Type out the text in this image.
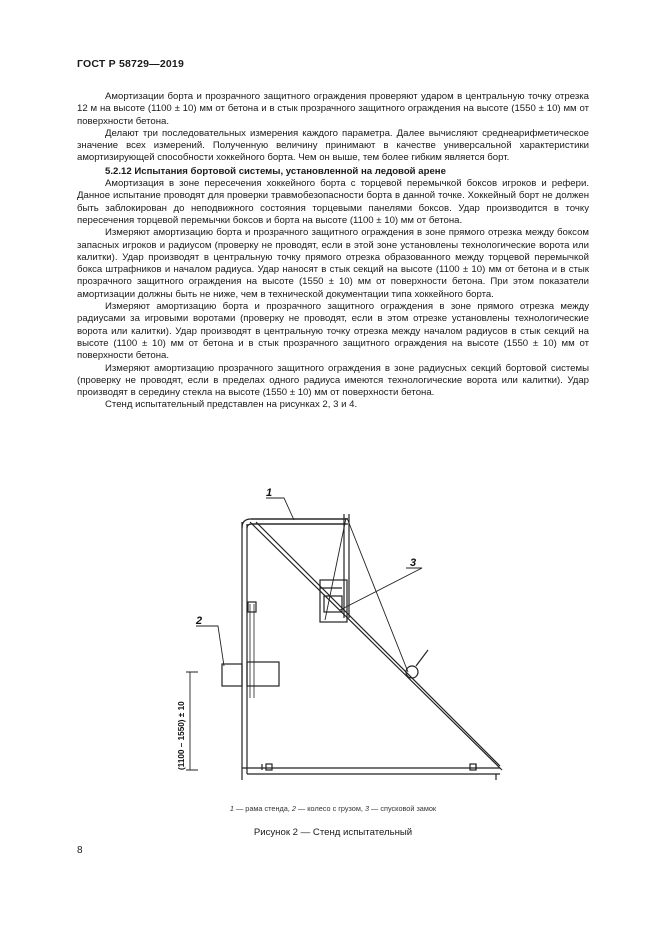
ГОСТ Р 58729—2019

Амортизации борта и прозрачного защитного ограждения проверяют ударом в центральную точку отрезка 12 м на высоте (1100 ± 10) мм от бетона и в стык прозрачного защитного ограждения на высоте (1550 ± 10) мм от поверхности бетона.

Делают три последовательных измерения каждого параметра. Далее вычисляют среднеарифметическое значение всех измерений. Полученную величину принимают в качестве универсальной характеристики амортизирующей способности хоккейного борта. Чем он выше, тем более гибким является борт.

5.2.12 Испытания бортовой системы, установленной на ледовой арене

Амортизация в зоне пересечения хоккейного борта с торцевой перемычкой боксов игроков и рефери. Данное испытание проводят для проверки травмобезопасности борта в данной точке. Хоккейный борт не должен быть заблокирован до неподвижного состояния торцевыми панелями боксов. Удар производится в точку пересечения торцевой перемычки боксов и борта на высоте (1100 ± 10) мм от бетона.

Измеряют амортизацию борта и прозрачного защитного ограждения в зоне прямого отрезка между боксом запасных игроков и радиусом (проверку не проводят, если в этой зоне установлены технологические ворота или калитки). Удар производят в центральную точку прямого отрезка образованного между торцевой перемычкой бокса штрафников и началом радиуса. Удар наносят в стык секций на высоте (1100 ± 10) мм от бетона и в стык прозрачного защитного ограждения на высоте (1550 ± 10) мм от поверхности бетона. При этом показатели амортизации должны быть не ниже, чем в технической документации типа хоккейного борта.

Измеряют амортизацию борта и прозрачного защитного ограждения в зоне прямого отрезка между радиусами за игровыми воротами (проверку не проводят, если в этом отрезке установлены технологические ворота или калитки). Удар производят в центральную точку отрезка между началом радиусов в стык секций на высоте (1100 ± 10) мм от бетона и в стык прозрачного защитного ограждения на высоте (1550 ± 10) мм от поверхности бетона.

Измеряют амортизацию прозрачного защитного ограждения в зоне радиусных секций бортовой системы (проверку не проводят, если в пределах одного радиуса имеются технологические ворота или калитки). Удар производят в середину стекла на высоте (1550 ± 10) мм от поверхности бетона.

Стенд испытательный представлен на рисунках 2, 3 и 4.

1
2
3
(1100 – 1550) ± 10
1 — рама стенда, 2 — колесо с грузом, 3 — спусковой замок
Рисунок 2 — Стенд испытательный
8
